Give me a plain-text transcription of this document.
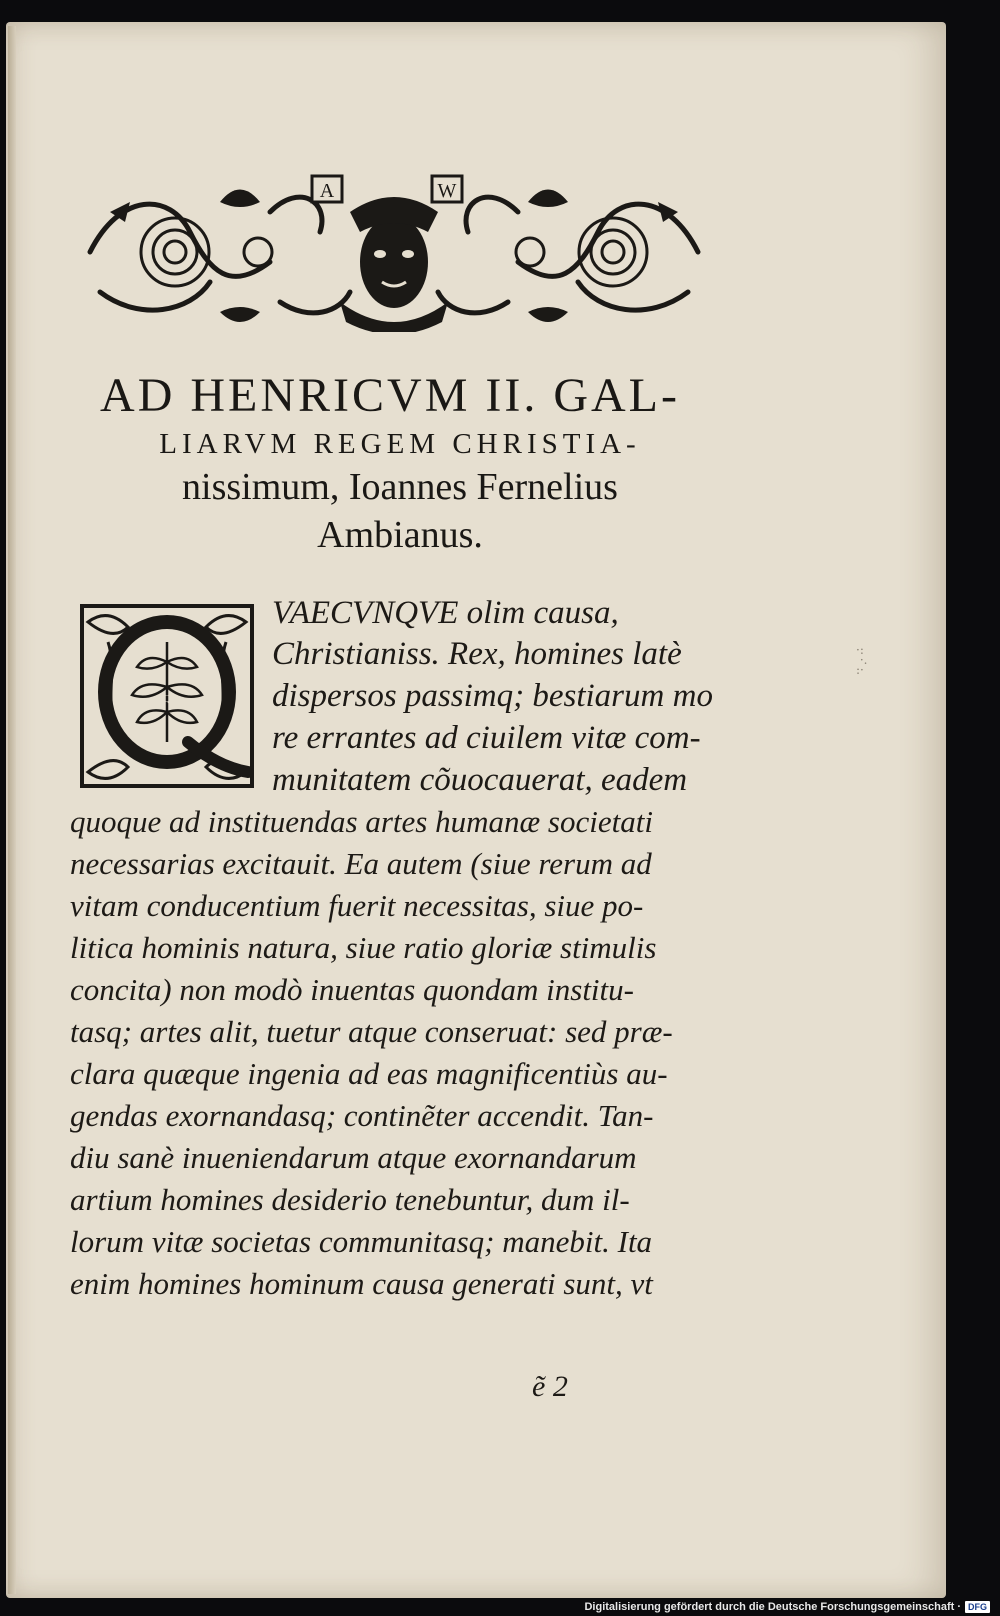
A	W
AD HENRICVM II. GAL-
LIARVM REGEM CHRISTIA-
nissimum, Ioannes Fernelius
Ambianus.
Q
·:
·.
:·
VAECVNQVE olim causa,
Christianiss. Rex, homines latè
dispersos passimq; bestiarum mo
re errantes ad ciuilem vitæ com-
munitatem cõuocauerat, eadem
quoque ad instituendas artes humanæ societati
necessarias excitauit. Ea autem (siue rerum ad
vitam conducentium fuerit necessitas, siue po-
litica hominis natura, siue ratio gloriæ stimulis
concita) non modò inuentas quondam institu-
tasq; artes alit, tuetur atque conseruat: sed præ-
clara quæque ingenia ad eas magnificentiùs au-
gendas exornandasq; continẽter accendit. Tan-
diu sanè inueniendarum atque exornandarum
artium homines desiderio tenebuntur, dum il-
lorum vitæ societas communitasq; manebit. Ita
enim homines hominum causa generati sunt, vt
ẽ 2
Digitalisierung gefördert durch die Deutsche Forschungsgemeinschaft · DFG
